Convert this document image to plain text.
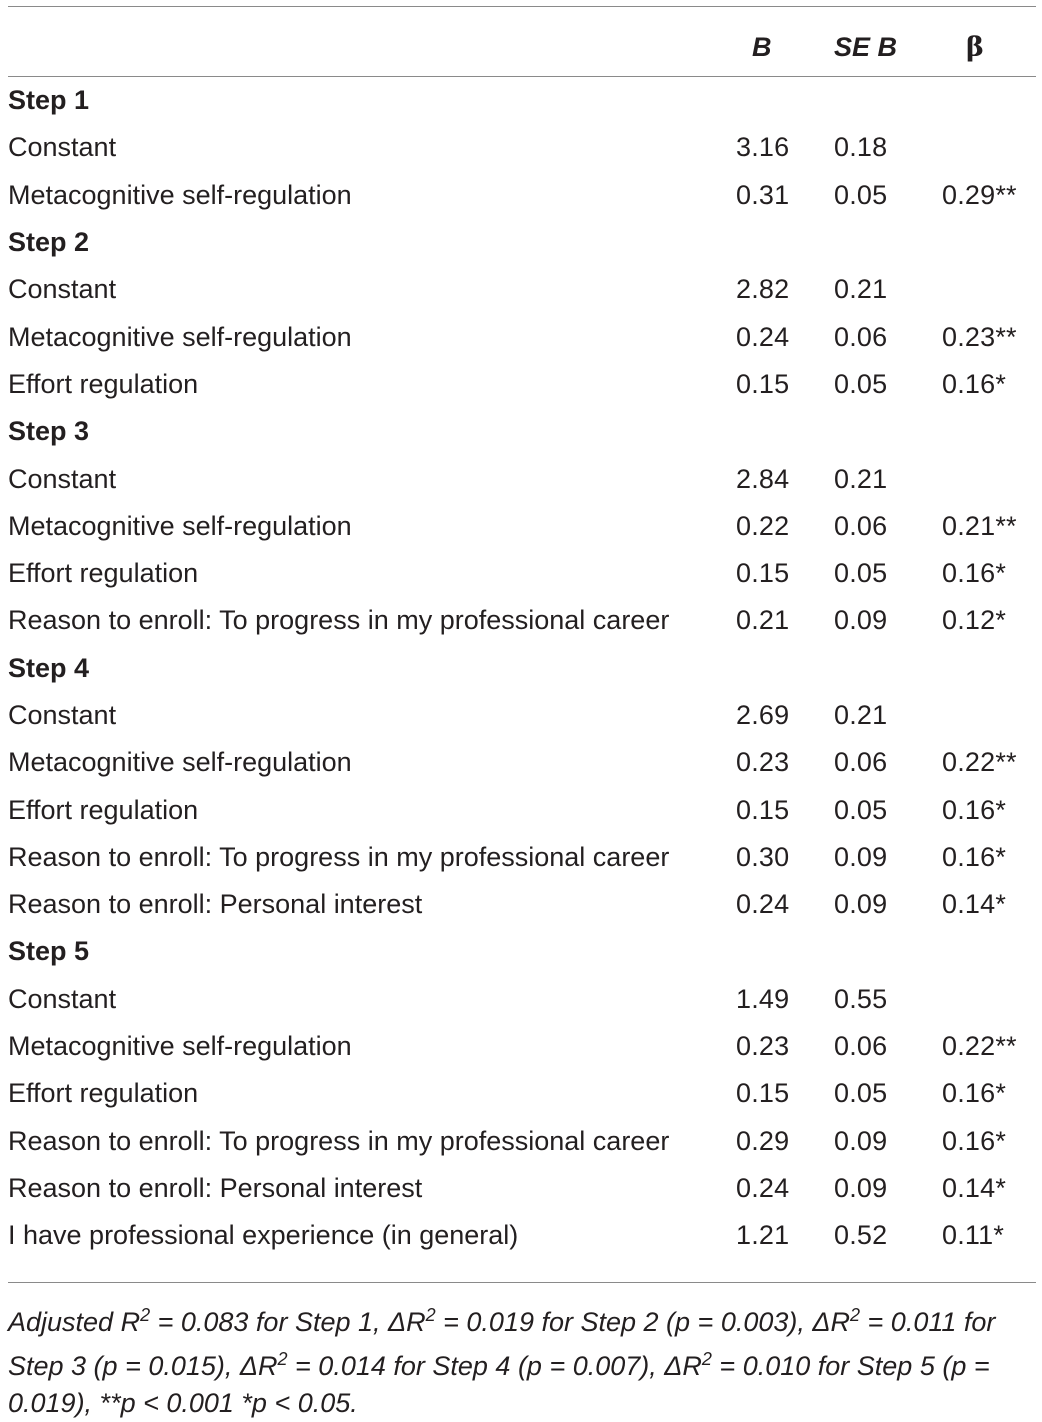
	B	SE B	β
Step 1			
Constant	3.16	0.18	
Metacognitive self-regulation	0.31	0.05	0.29**
Step 2			
Constant	2.82	0.21	
Metacognitive self-regulation	0.24	0.06	0.23**
Effort regulation	0.15	0.05	0.16*
Step 3			
Constant	2.84	0.21	
Metacognitive self-regulation	0.22	0.06	0.21**
Effort regulation	0.15	0.05	0.16*
Reason to enroll: To progress in my professional career	0.21	0.09	0.12*
Step 4			
Constant	2.69	0.21	
Metacognitive self-regulation	0.23	0.06	0.22**
Effort regulation	0.15	0.05	0.16*
Reason to enroll: To progress in my professional career	0.30	0.09	0.16*
Reason to enroll: Personal interest	0.24	0.09	0.14*
Step 5			
Constant	1.49	0.55	
Metacognitive self-regulation	0.23	0.06	0.22**
Effort regulation	0.15	0.05	0.16*
Reason to enroll: To progress in my professional career	0.29	0.09	0.16*
Reason to enroll: Personal interest	0.24	0.09	0.14*
I have professional experience (in general)	1.21	0.52	0.11*
Adjusted $R^2 = 0.083$ for Step 1, $\Delta R^2 = 0.019$ for Step 2 (p = 0.003), $\Delta R^2 = 0.011$ for Step 3 (p = 0.015), $\Delta R^2 = 0.014$ for Step 4 (p = 0.007), $\Delta R^2 = 0.010$ for Step 5 (p = 0.019), **p < 0.001 *p < 0.05.
